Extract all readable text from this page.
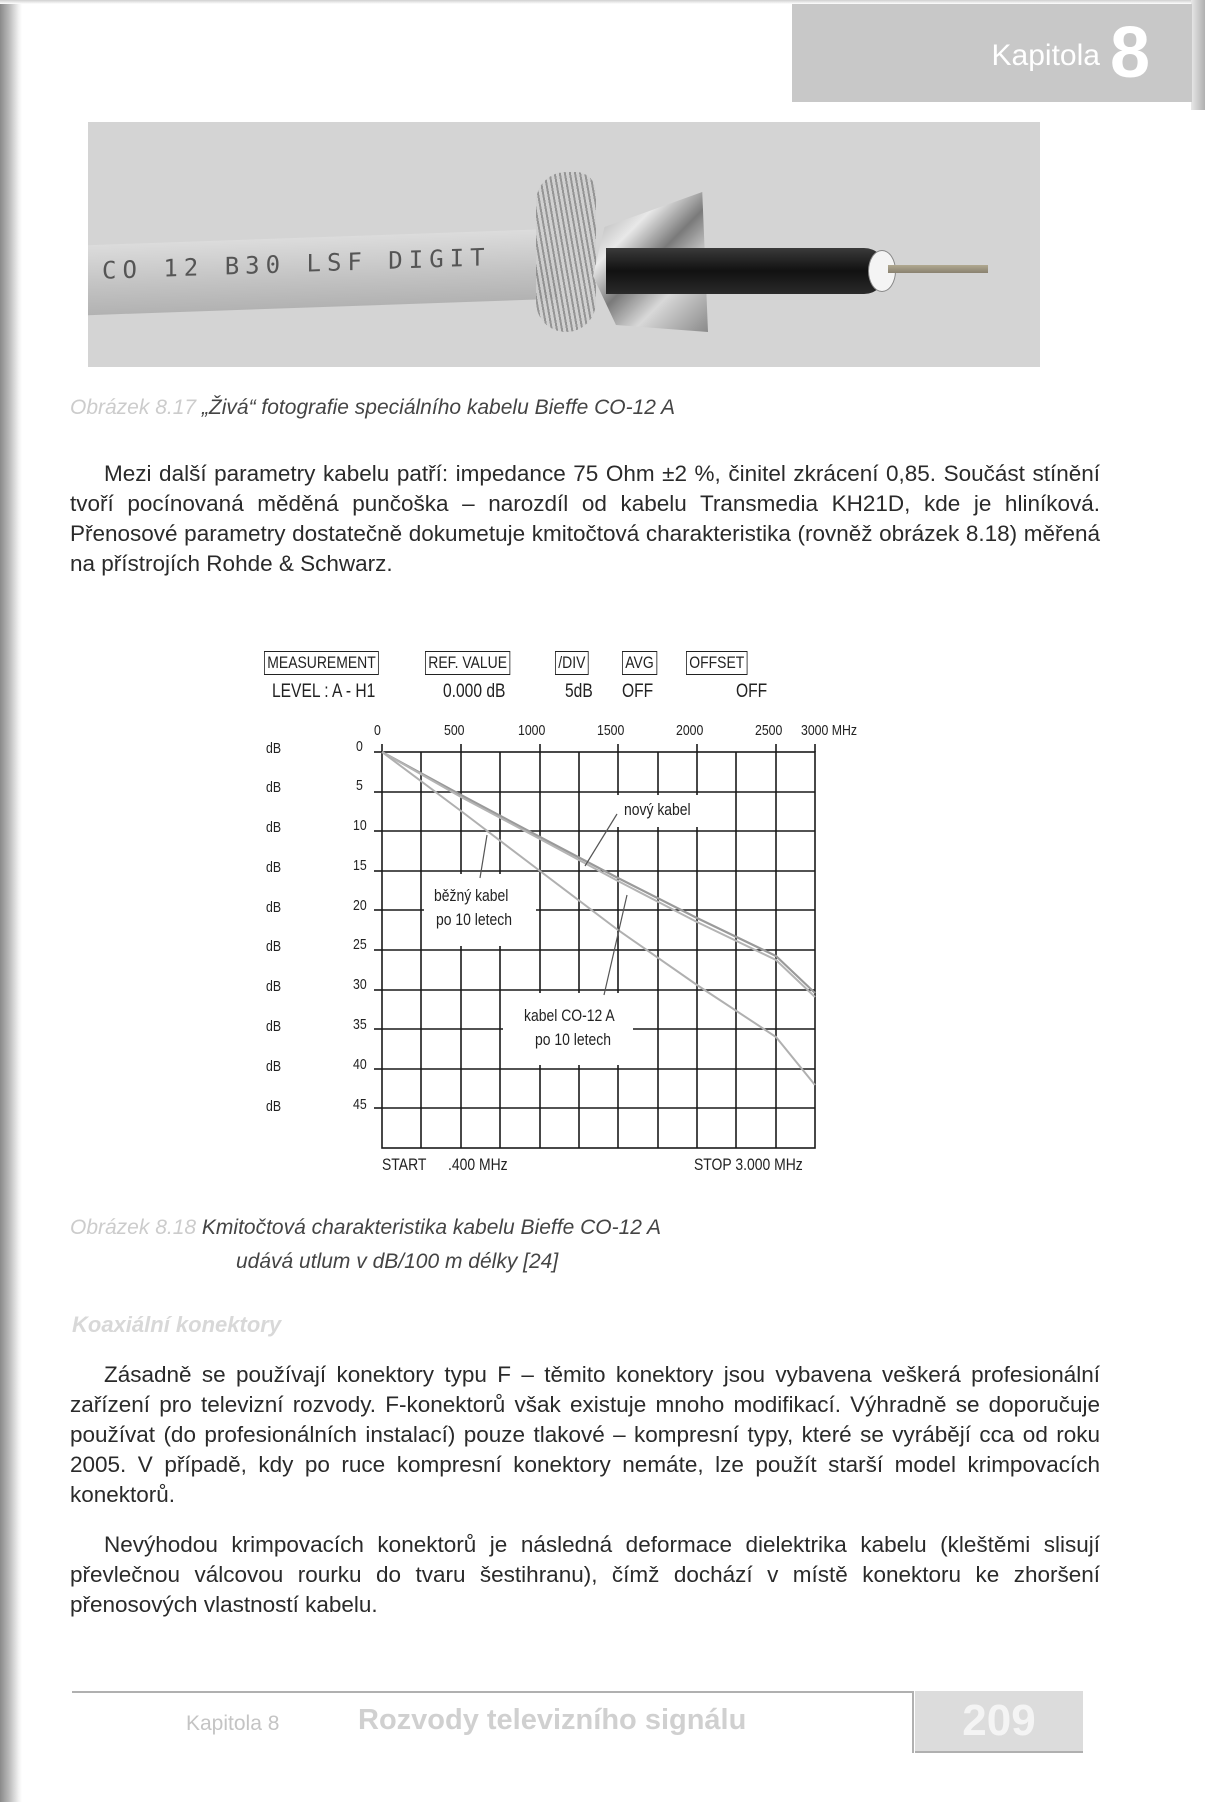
Kapitola 8
CO 12 B30 LSF DIGIT
Obrázek 8.17 „Živá“ fotografie speciálního kabelu Bieffe CO-12 A

Mezi další parametry kabelu patří: impedance 75 Ohm ±2 %, činitel zkrácení 0,85. Součást stínění tvoří pocínovaná měděná punčoška – narozdíl od kabelu Transmedia KH21D, kde je hliníková. Přenosové parametry dostatečně dokumetuje kmitočtová charakteristika (rovněž obrázek 8.18) měřená na přístrojích Rohde & Schwarz.

MEASUREMENT	REF. VALUE	/DIV AVG OFFSET
LEVEL : A - H1	0.000 dB	5dB OFF	OFF
0	500	1000	1500	2000	2500 3000 MHz
dB
dB
dB
dB
dB
dB
dB
dB
dB
dB
0
5
10
15
20
25
30
35
40
45
nový kabel
běžný kabel
po 10 letech
kabel CO-12 A
po 10 letech
START .400 MHz	STOP 3.000 MHz
Obrázek 8.18 Kmitočtová charakteristika kabelu Bieffe CO-12 A
udává utlum v dB/100 m délky [24]
Koaxiální konektory

Zásadně se používají konektory typu F – těmito konektory jsou vybavena veškerá profesionální zařízení pro televizní rozvody. F-konektorů však existuje mnoho modifikací. Výhradně se doporučuje používat (do profesionálních instalací) pouze tlakové – kompresní typy, které se vyrábějí cca od roku 2005. V případě, kdy po ruce kompresní konektory nemáte, lze použít starší model krimpovacích konektorů.

Nevýhodou krimpovacích konektorů je následná deformace dielektrika kabelu (kleštěmi slisují převlečnou válcovou rourku do tvaru šestihranu), čímž dochází v místě konektoru ke zhoršení přenosových vlastností kabelu.

Kapitola 8	Rozvody televizního signálu	209
